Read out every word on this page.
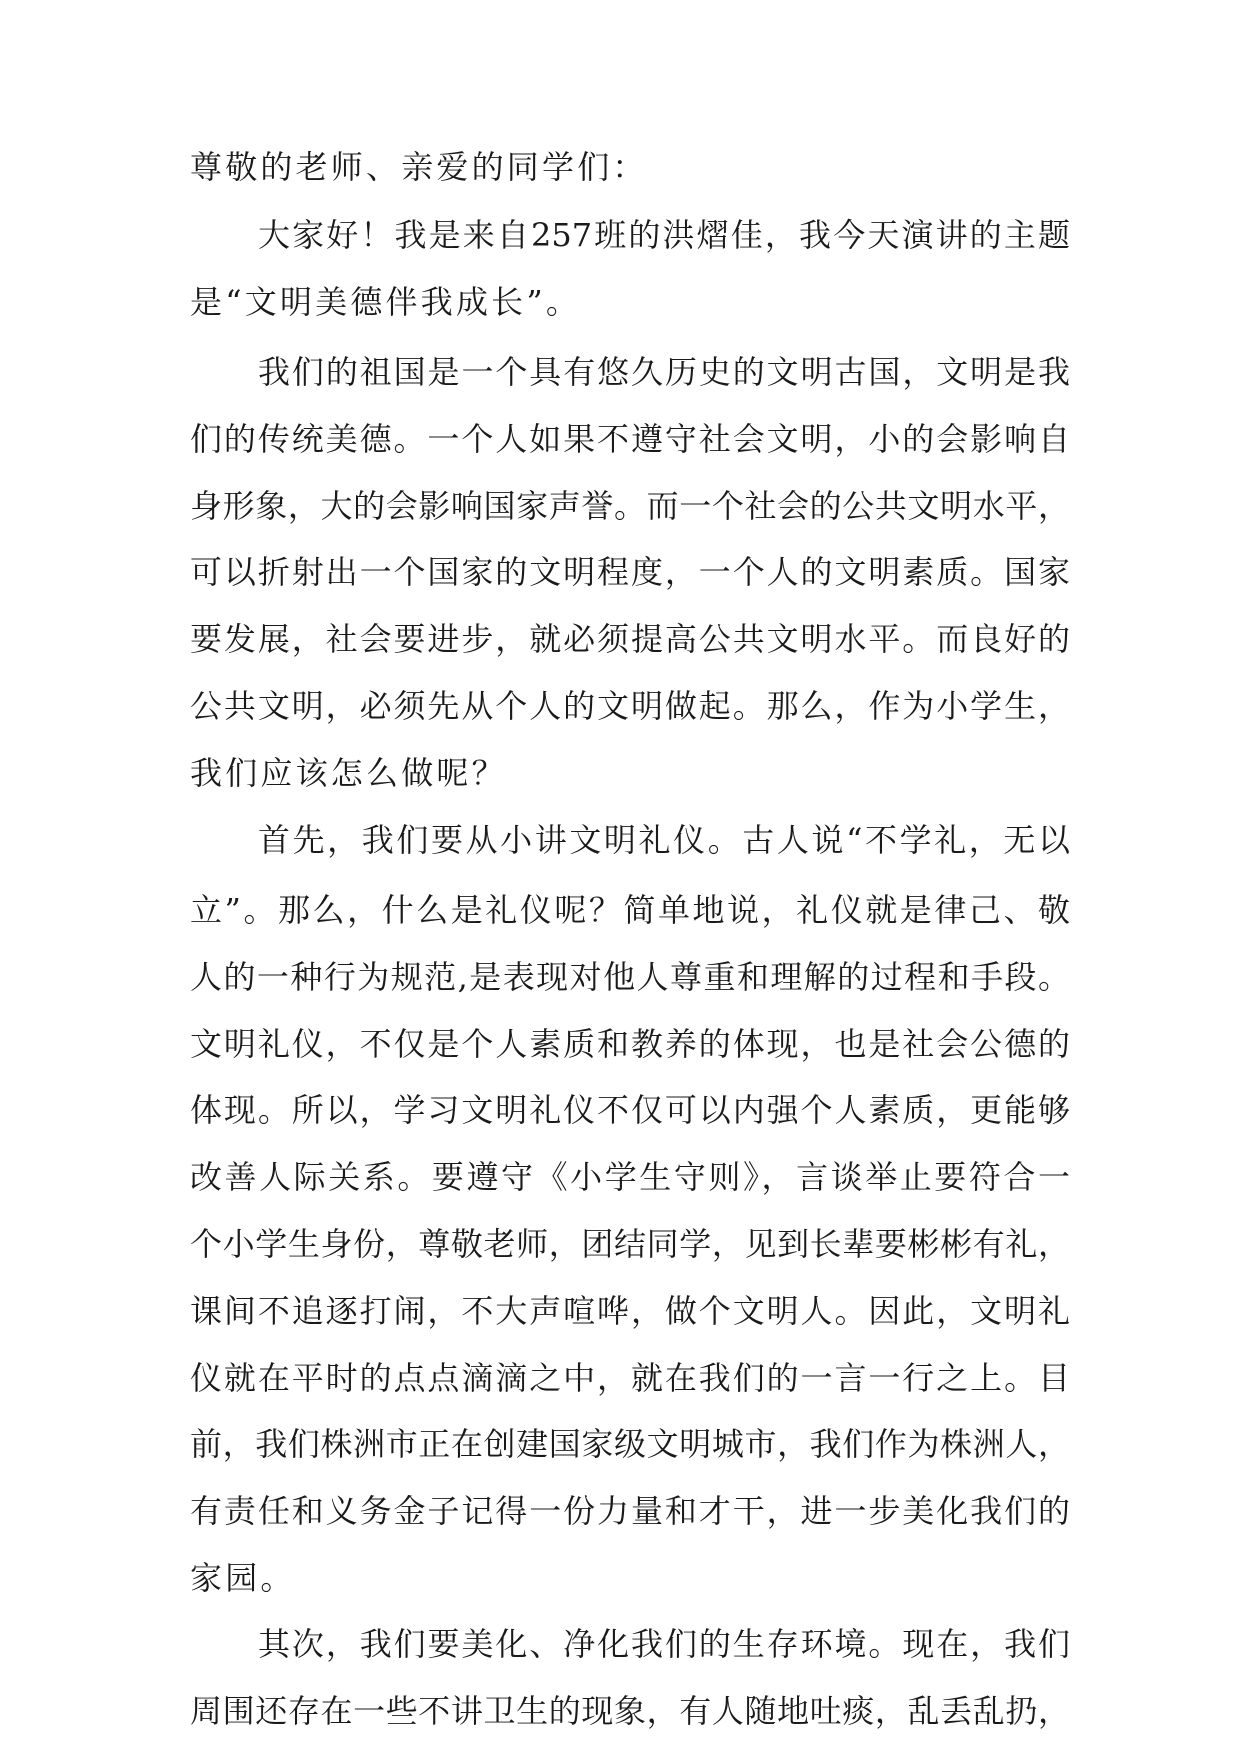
尊敬的老师、亲爱的同学们：
大家好！我是来自257班的洪熠佳，我今天演讲的主题
是“文明美德伴我成长”。
我们的祖国是一个具有悠久历史的文明古国，文明是我
们的传统美德。一个人如果不遵守社会文明，小的会影响自
身形象，大的会影响国家声誉。而一个社会的公共文明水平，
可以折射出一个国家的文明程度，一个人的文明素质。国家
要发展，社会要进步，就必须提高公共文明水平。而良好的
公共文明，必须先从个人的文明做起。那么，作为小学生，
我们应该怎么做呢？
首先，我们要从小讲文明礼仪。古人说“不学礼，无以
立”。那么，什么是礼仪呢？简单地说，礼仪就是律己、敬
人的一种行为规范,是表现对他人尊重和理解的过程和手段。
文明礼仪，不仅是个人素质和教养的体现，也是社会公德的
体现。所以，学习文明礼仪不仅可以内强个人素质，更能够
改善人际关系。要遵守《小学生守则》，言谈举止要符合一
个小学生身份，尊敬老师，团结同学，见到长辈要彬彬有礼，
课间不追逐打闹，不大声喧哗，做个文明人。因此，文明礼
仪就在平时的点点滴滴之中，就在我们的一言一行之上。目
前，我们株洲市正在创建国家级文明城市，我们作为株洲人，
有责任和义务金子记得一份力量和才干，进一步美化我们的
家园。
其次，我们要美化、净化我们的生存环境。现在，我们
周围还存在一些不讲卫生的现象，有人随地吐痰，乱丢乱扔，
